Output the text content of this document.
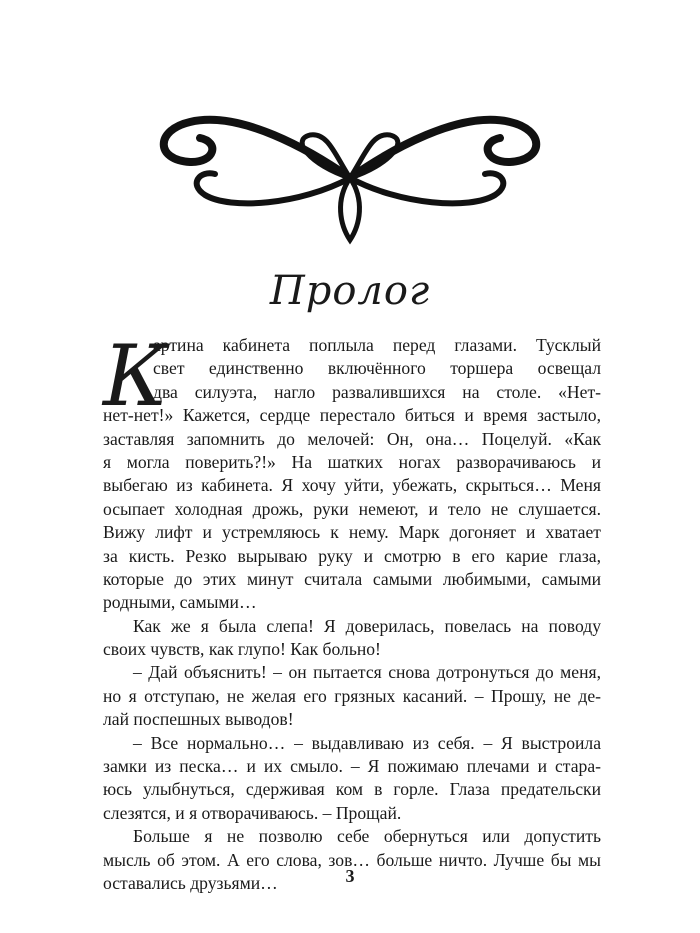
Пролог
К
артина кабинета поплыла перед глазами. Тусклый
свет единственно включённого торшера освещал
два силуэта, нагло развалившихся на столе. «Нет-
нет-нет!» Кажется, сердце перестало биться и время застыло,
заставляя запомнить до мелочей: Он, она… Поцелуй. «Как
я могла поверить?!» На шатких ногах разворачиваюсь и
выбегаю из кабинета. Я хочу уйти, убежать, скрыться… Меня
осыпает холодная дрожь, руки немеют, и тело не слушается.
Вижу лифт и устремляюсь к нему. Марк догоняет и хватает
за кисть. Резко вырываю руку и смотрю в его карие глаза,
которые до этих минут считала самыми любимыми, самыми
родными, самыми…
Как же я была слепа! Я доверилась, повелась на поводу
своих чувств, как глупо! Как больно!
– Дай объяснить! – он пытается снова дотронуться до меня,
но я отступаю, не желая его грязных касаний. – Прошу, не де-
лай поспешных выводов!
– Все нормально… – выдавливаю из себя. – Я выстроила
замки из песка… и их смыло. – Я пожимаю плечами и стара-
юсь улыбнуться, сдерживая ком в горле. Глаза предательски
слезятся, и я отворачиваюсь. – Прощай.
Больше я не позволю себе обернуться или допустить
мысль об этом. А его слова, зов… больше ничто. Лучше бы мы
оставались друзьями…	3
